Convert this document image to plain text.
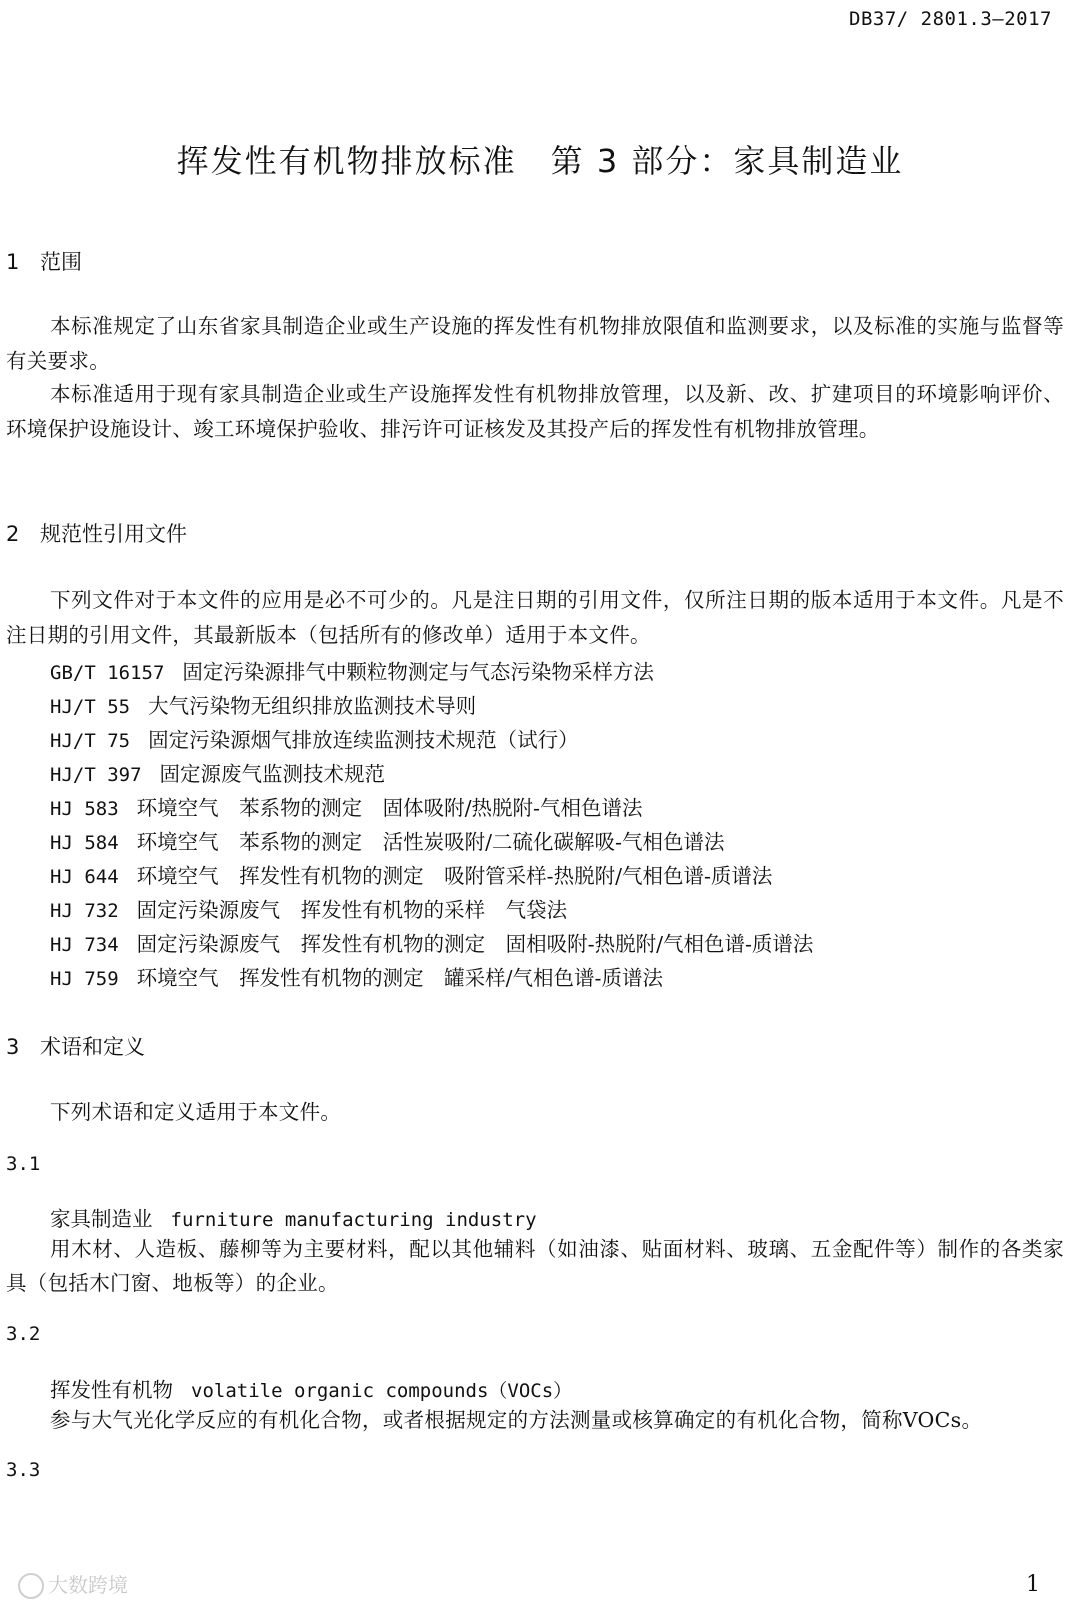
DB37/ 2801.3—2017
挥发性有机物排放标准　第 3 部分：家具制造业
1 范围
本标准规定了山东省家具制造企业或生产设施的挥发性有机物排放限值和监测要求，以及标准的实施与监督等有关要求。
本标准适用于现有家具制造企业或生产设施挥发性有机物排放管理，以及新、改、扩建项目的环境影响评价、环境保护设施设计、竣工环境保护验收、排污许可证核发及其投产后的挥发性有机物排放管理。
2 规范性引用文件
下列文件对于本文件的应用是必不可少的。凡是注日期的引用文件，仅所注日期的版本适用于本文件。凡是不注日期的引用文件，其最新版本（包括所有的修改单）适用于本文件。
GB/T 16157 固定污染源排气中颗粒物测定与气态污染物采样方法
HJ/T 55 大气污染物无组织排放监测技术导则
HJ/T 75 固定污染源烟气排放连续监测技术规范（试行）
HJ/T 397 固定源废气监测技术规范
HJ 583 环境空气　苯系物的测定　固体吸附/热脱附-气相色谱法
HJ 584 环境空气　苯系物的测定　活性炭吸附/二硫化碳解吸-气相色谱法
HJ 644 环境空气　挥发性有机物的测定　吸附管采样-热脱附/气相色谱-质谱法
HJ 732 固定污染源废气　挥发性有机物的采样　气袋法
HJ 734 固定污染源废气　挥发性有机物的测定　固相吸附-热脱附/气相色谱-质谱法
HJ 759 环境空气　挥发性有机物的测定　罐采样/气相色谱-质谱法
3 术语和定义
下列术语和定义适用于本文件。
3.1
家具制造业 furniture manufacturing industry
用木材、人造板、藤柳等为主要材料，配以其他辅料（如油漆、贴面材料、玻璃、五金配件等）制作的各类家具（包括木门窗、地板等）的企业。
3.2
挥发性有机物 volatile organic compounds（VOCs）
参与大气光化学反应的有机化合物，或者根据规定的方法测量或核算确定的有机化合物，简称VOCs。
3.3
大数跨境	1
